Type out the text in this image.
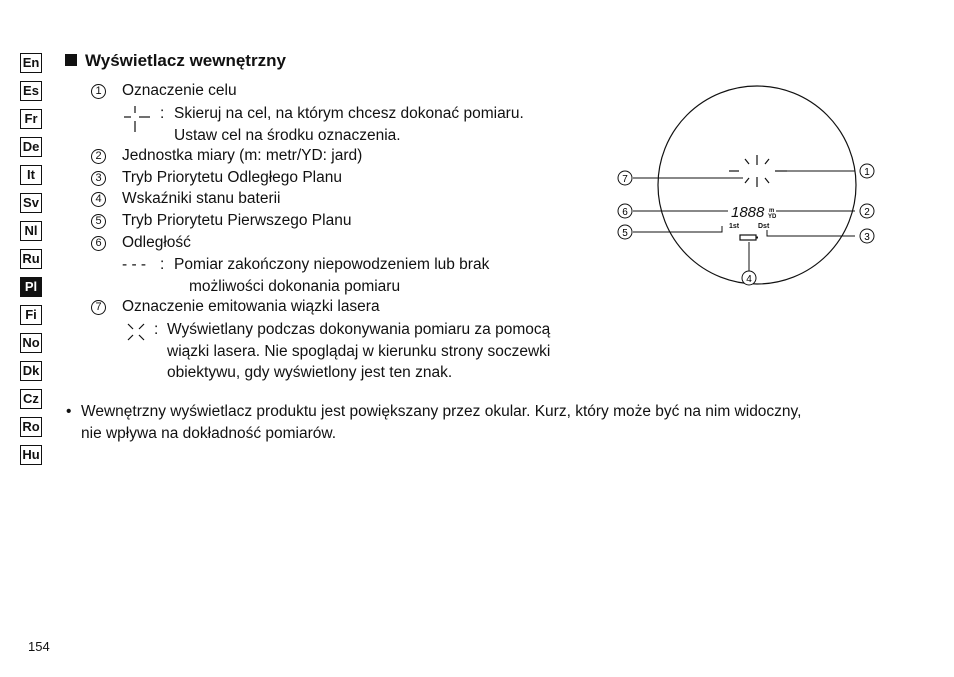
En
Es
Fr
De
It
Sv
Nl
Ru
Pl
Fi
No
Dk
Cz
Ro
Hu
Wyświetlacz wewnętrzny
1 Oznaczenie celu
: Skieruj na cel, na którym chcesz dokonać pomiaru.
Ustaw cel na środku oznaczenia.
2 Jednostka miary (m: metr/YD: jard)
3 Tryb Priorytetu Odległego Planu
4 Wskaźniki stanu baterii
5 Tryb Priorytetu Pierwszego Planu
6 Odległość
- - - : Pomiar zakończony niepowodzeniem lub brak
możliwości dokonania pomiaru
7 Oznaczenie emitowania wiązki lasera
: Wyświetlany podczas dokonywania pomiaru za pomocą
wiązki lasera. Nie spoglądaj w kierunku strony soczewki
obiektywu, gdy wyświetlony jest ten znak.
• Wewnętrzny wyświetlacz produktu jest powiększany przez okular. Kurz, który może być na nim widoczny,
nie wpływa na dokładność pomiarów.
1888 m
YD
1st	Dst
1
2
3
4
5
6
7
154
